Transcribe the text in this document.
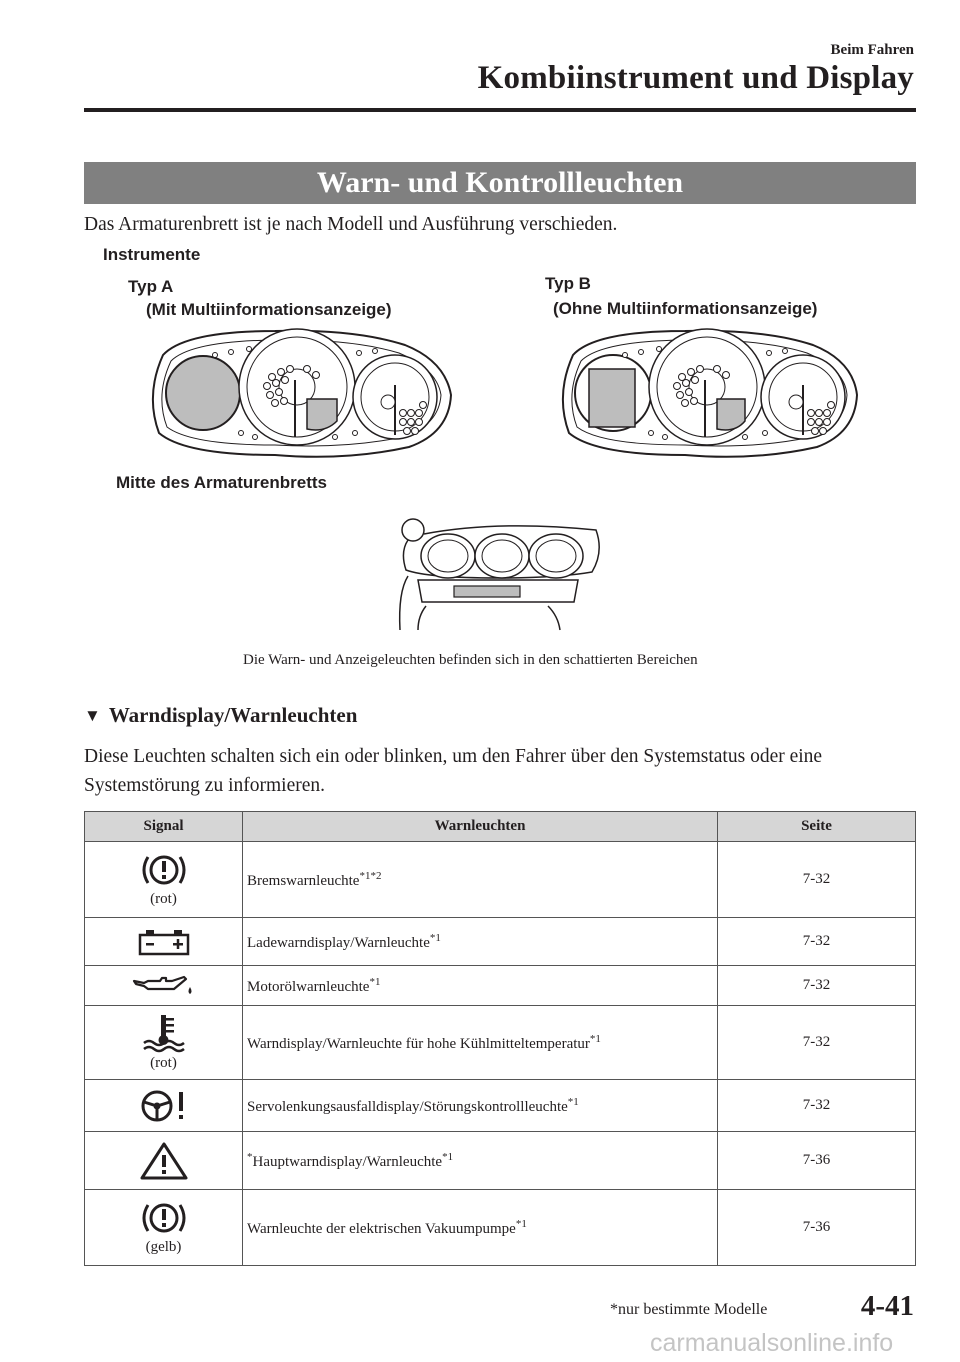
Beim Fahren
Kombiinstrument und Display
Warn- und Kontrollleuchten
Das Armaturenbrett ist je nach Modell und Ausführung verschieden.
Instrumente
Typ A
(Mit Multiinformationsanzeige)
Typ B
(Ohne Multiinformationsanzeige)
Mitte des Armaturenbretts
Die Warn- und Anzeigeleuchten befinden sich in den schattierten Bereichen
▼ Warndisplay/Warnleuchten
Diese Leuchten schalten sich ein oder blinken, um den Fahrer über den Systemstatus oder eine Systemstörung zu informieren.
Signal	Warnleuchten	Seite

(rot)	Bremswarnleuchte$^{*1*2}$	7-32

	Ladewarndisplay/Warnleuchte$^{*1}$	7-32

	Motorölwarnleuchte$^{*1}$	7-32

(rot)	Warndisplay/Warnleuchte für hohe Kühlmitteltemperatur$^{*1}$	7-32

	Servolenkungsausfalldisplay/Störungskontrollleuchte$^{*1}$	7-32

	*Hauptwarndisplay/Warnleuchte$^{*1}$	7-36

(gelb)	Warnleuchte der elektrischen Vakuumpumpe$^{*1}$	7-36
*nur bestimmte Modelle	4-41
carmanualsonline.info
